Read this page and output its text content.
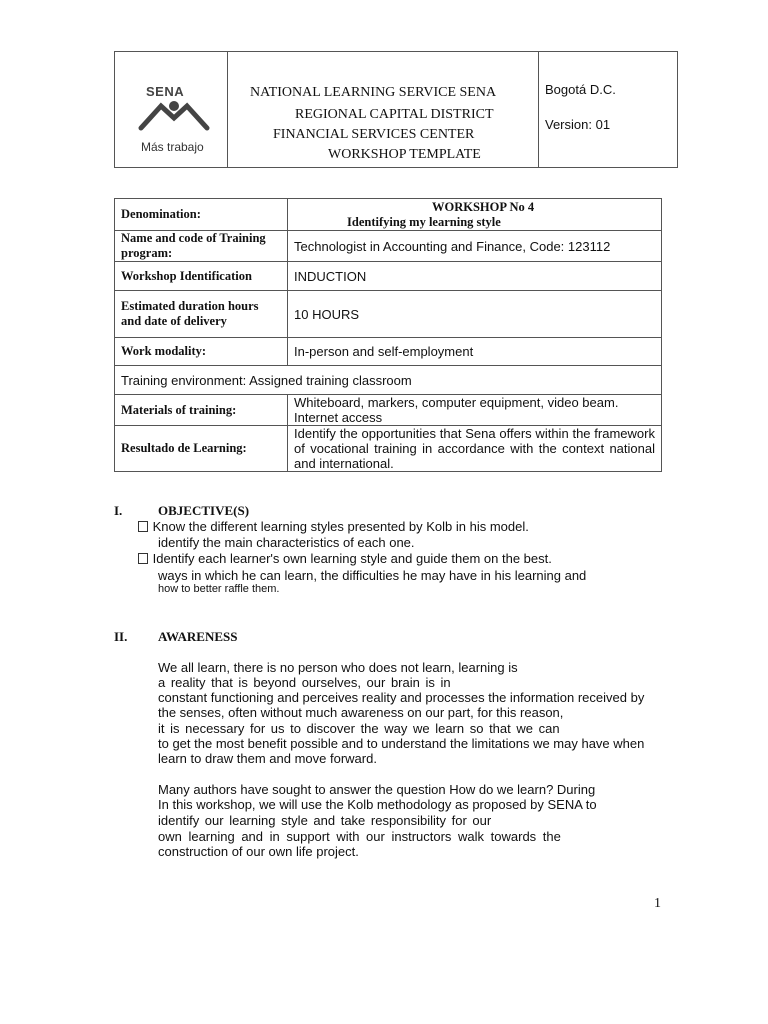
SENA
Más trabajo
NATIONAL LEARNING SERVICE SENA
REGIONAL CAPITAL DISTRICT
FINANCIAL SERVICES CENTER
WORKSHOP TEMPLATE
Bogotá D.C.
Version: 01
Denomination:	WORKSHOP No 4
Identifying my learning style

Name and code of Training program:	Technologist in Accounting and Finance, Code: 123112
Workshop Identification	INDUCTION
Estimated duration hours and date of delivery	10 HOURS
Work modality:	In-person and self-employment
Training environment: Assigned training classroom	
Materials of training:	Whiteboard, markers, computer equipment, video beam. Internet access
Resultado de Learning:	Identify the opportunities that Sena offers within the framework of vocational training in accordance with the context national and international.
I.	OBJECTIVE(S)
Know the different learning styles presented by Kolb in his model.
identify the main characteristics of each one.
Identify each learner's own learning style and guide them on the best.
ways in which he can learn, the difficulties he may have in his learning and
how to better raffle them.
II. AWARENESS
We all learn, there is no person who does not learn, learning is
a reality that is beyond ourselves, our brain is in
constant functioning and perceives reality and processes the information received by
the senses, often without much awareness on our part, for this reason,
it is necessary for us to discover the way we learn so that we can
to get the most benefit possible and to understand the limitations we may have when
learn to draw them and move forward.
Many authors have sought to answer the question How do we learn? During
In this workshop, we will use the Kolb methodology as proposed by SENA to
identify our learning style and take responsibility for our
own learning and in support with our instructors walk towards the
construction of our own life project.
1
